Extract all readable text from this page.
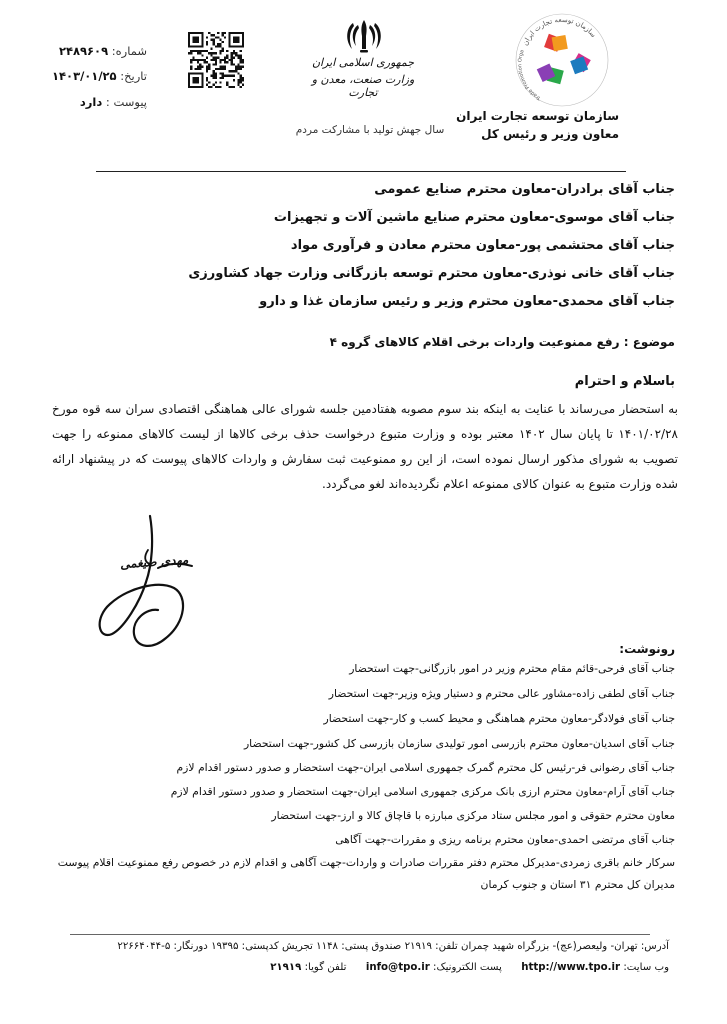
سازمان توسعه تجارت ایران
Trade Promotion Orga
سازمان توسعه تجارت ایران
معاون وزیر و رئیس کل
جمهوری اسلامی ایران
وزارت صنعت، معدن و تجارت
سال جهش تولید با مشارکت مردم
شماره: ۲۴۸۹۶۰۹
تاریخ: ۱۴۰۳/۰۱/۲۵
پیوست : دارد
جناب آقای برادران-معاون محترم صنایع عمومی
جناب آقای موسوی-معاون محترم صنایع ماشین آلات و تجهیزات
جناب آقای محتشمی پور-معاون محترم معادن و فرآوری مواد
جناب آقای خانی نوذری-معاون محترم توسعه بازرگانی وزارت جهاد کشاورزی
جناب آقای محمدی-معاون محترم وزیر و رئیس سازمان غذا و دارو
موضوع : رفع ممنوعیت واردات برخی اقلام کالاهای گروه ۴
باسلام و احترام
به استحضار می‌رساند با عنایت به اینکه بند سوم مصوبه هفتادمین جلسه شورای عالی هماهنگی اقتصادی سران سه قوه مورخ ۱۴۰۱/۰۲/۲۸ تا پایان سال ۱۴۰۲ معتبر بوده و وزارت متبوع درخواست حذف برخی کالاها از لیست کالاهای ممنوعه را جهت تصویب به شورای مذکور ارسال نموده است، از این رو ممنوعیت ثبت سفارش و واردات کالاهای پیوست که در پیشنهاد ارائه شده وزارت متبوع به عنوان کالای ممنوعه اعلام نگردیده‌اند لغو می‌گردد.
مهدی ضیغمی
رونوشت:
جناب آقای فرحی-قائم مقام محترم وزیر در امور بازرگانی-جهت استحضار
جناب آقای لطفی زاده-مشاور عالی محترم و دستیار ویژه وزیر-جهت استحضار
جناب آقای فولادگر-معاون محترم هماهنگی و محیط کسب و کار-جهت استحضار
جناب آقای اسدیان-معاون محترم بازرسی امور تولیدی سازمان بازرسی کل کشور-جهت استحضار
جناب آقای رضوانی فر-رئیس کل محترم گمرک جمهوری اسلامی ایران-جهت استحضار و صدور دستور اقدام لازم
جناب آقای آرام-معاون محترم ارزی بانک مرکزی جمهوری اسلامی ایران-جهت استحضار و صدور دستور اقدام لازم
معاون محترم حقوقی و امور مجلس ستاد مرکزی مبارزه با قاچاق کالا و ارز-جهت استحضار
جناب آقای مرتضی احمدی-معاون محترم برنامه ریزی و مقررات-جهت آگاهی
سرکار خانم باقری زمردی-مدیرکل محترم دفتر مقررات صادرات و واردات-جهت آگاهی و اقدام لازم در خصوص رفع ممنوعیت اقلام پیوست
مدیران کل محترم ۳۱ استان و جنوب کرمان
آدرس: تهران- ولیعصر(عج)- بزرگراه شهید چمران تلفن: ۲۱۹۱۹ صندوق پستی: ۱۱۴۸ تجریش کدپستی: ۱۹۳۹۵ دورنگار: ۵-۲۲۶۶۴۰۴۴
وب سایت: http://www.tpo.ir      پست الکترونیک: info@tpo.ir      تلفن گویا: ۲۱۹۱۹
